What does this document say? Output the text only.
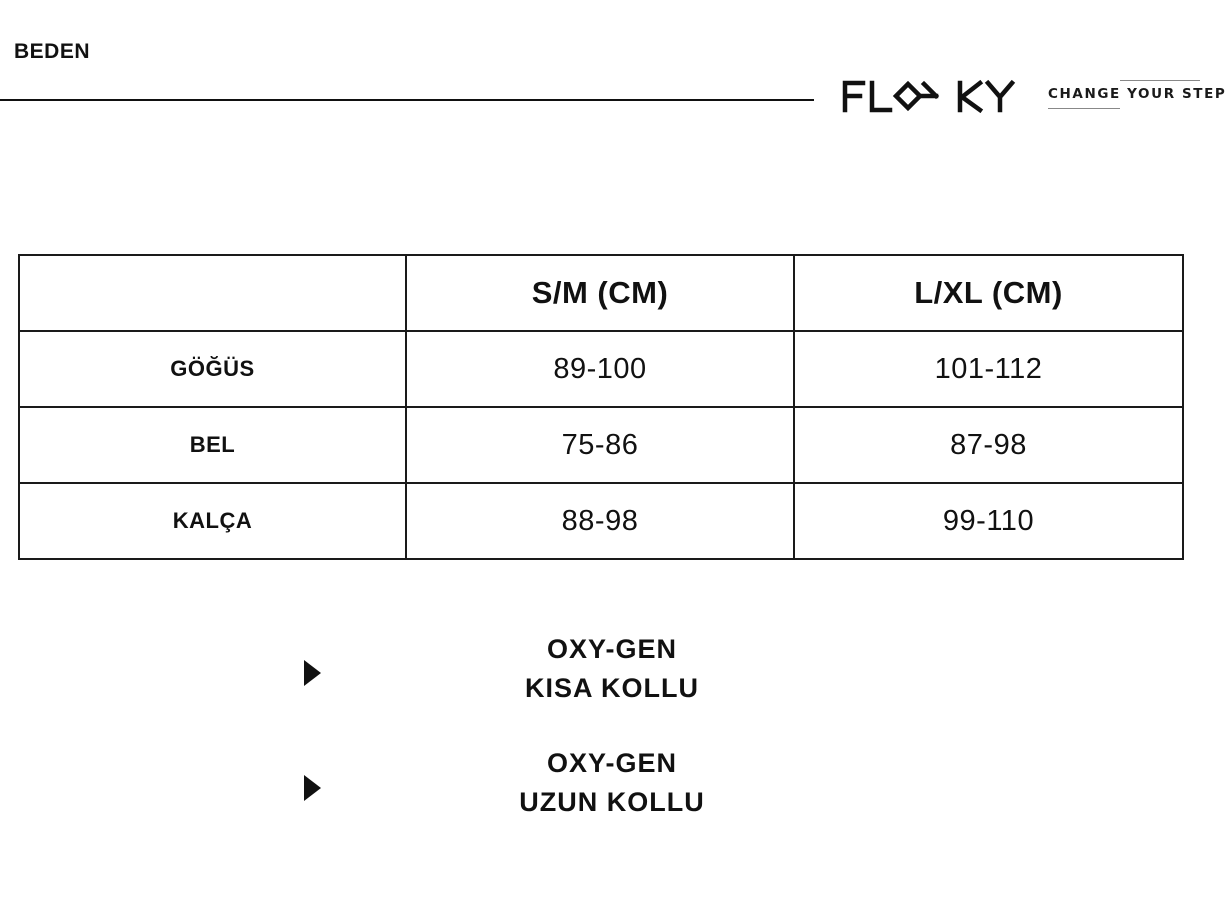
BEDEN
CHANGE YOUR STEP
	S/M (CM)	L/XL (CM)
GÖĞÜS	89-100	101-112
BEL	75-86	87-98
KALÇA	88-98	99-110
OXY-GEN
KISA KOLLU
OXY-GEN
UZUN KOLLU
